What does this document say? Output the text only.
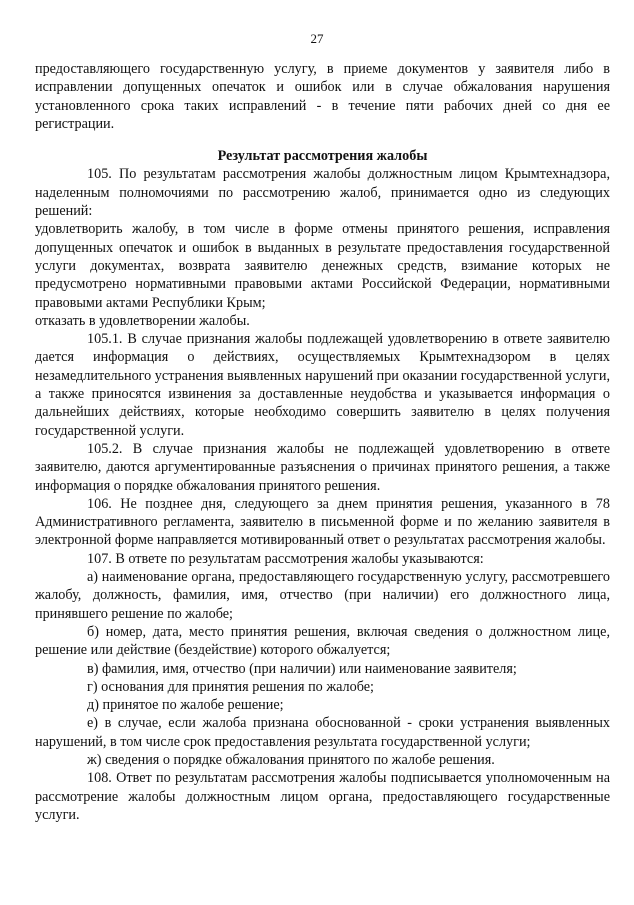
27

предоставляющего государственную услугу, в приеме документов у заявителя либо в исправлении допущенных опечаток и ошибок или в случае обжалования нарушения установленного срока таких исправлений - в течение пяти рабочих дней со дня ее регистрации.

Результат рассмотрения жалобы

105. По результатам рассмотрения жалобы должностным лицом Крымтехнадзора, наделенным полномочиями по рассмотрению жалоб, принимается одно из следующих решений:

удовлетворить жалобу, в том числе в форме отмены принятого решения, исправления допущенных опечаток и ошибок в выданных в результате предоставления государственной услуги документах, возврата заявителю денежных средств, взимание которых не предусмотрено нормативными правовыми актами Российской Федерации, нормативными правовыми актами Республики Крым;

отказать в удовлетворении жалобы.

105.1. В случае признания жалобы подлежащей удовлетворению в ответе заявителю дается информация о действиях, осуществляемых Крымтехнадзором в целях незамедлительного устранения выявленных нарушений при оказании государственной услуги, а также приносятся извинения за доставленные неудобства и указывается информация о дальнейших действиях, которые необходимо совершить заявителю в целях получения государственной услуги.

105.2. В случае признания жалобы не подлежащей удовлетворению в ответе заявителю, даются аргументированные разъяснения о причинах принятого решения, а также информация о порядке обжалования принятого решения.

106. Не позднее дня, следующего за днем принятия решения, указанного в 78 Административного регламента, заявителю в письменной форме и по желанию заявителя в электронной форме направляется мотивированный ответ о результатах рассмотрения жалобы.

107. В ответе по результатам рассмотрения жалобы указываются:

а) наименование органа, предоставляющего государственную услугу, рассмотревшего жалобу, должность, фамилия, имя, отчество (при наличии) его должностного лица, принявшего решение по жалобе;

б) номер, дата, место принятия решения, включая сведения о должностном лице, решение или действие (бездействие) которого обжалуется;

в) фамилия, имя, отчество (при наличии) или наименование заявителя;

г) основания для принятия решения по жалобе;

д) принятое по жалобе решение;

е) в случае, если жалоба признана обоснованной - сроки устранения выявленных нарушений, в том числе срок предоставления результата государственной услуги;

ж) сведения о порядке обжалования принятого по жалобе решения.

108. Ответ по результатам рассмотрения жалобы подписывается уполномоченным на рассмотрение жалобы должностным лицом органа, предоставляющего государственные услуги.
